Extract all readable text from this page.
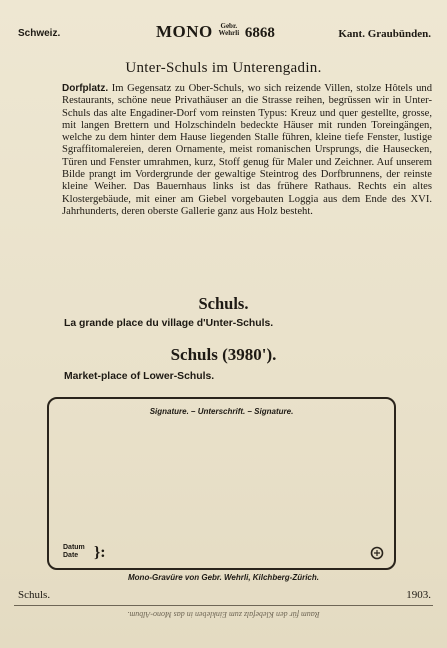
Schweiz.	MONO Gebr.
Wehrli 6868	Kant. Graubünden.
Unter-Schuls im Unterengadin.
Dorfplatz. Im Gegensatz zu Ober-Schuls, wo sich reizende Villen, stolze Hôtels und Restaurants, schöne neue Privathäuser an die Strasse reihen, begrüssen wir in Unter-Schuls das alte Engadiner-Dorf vom reinsten Typus: Kreuz und quer gestellte, grosse, mit langen Brettern und Holzschindeln bedeckte Häuser mit runden Toreingängen, welche zu dem hinter dem Hause liegenden Stalle führen, kleine tiefe Fenster, lustige Sgraffitomalereien, deren Ornamente, meist romanischen Ursprungs, die Hausecken, Türen und Fenster umrahmen, kurz, Stoff genug für Maler und Zeichner. Auf unserem Bilde prangt im Vordergrunde der gewaltige Steintrog des Dorfbrunnens, der reinste kleine Weiher. Das Bauernhaus links ist das frühere Rathaus. Rechts ein altes Klostergebäude, mit einer am Giebel vorgebauten Loggia aus dem Ende des XVI. Jahrhunderts, deren oberste Gallerie ganz aus Holz besteht.
Schuls.
La grande place du village d'Unter-Schuls.
Schuls (3980').
Market-place of Lower-Schuls.
Signature. – Unterschrift. – Signature.
Datum
Date }:
Mono-Gravüre von Gebr. Wehrli, Kilchberg-Zürich.
Schuls.	1903.
Raum für den Klebefalz zum Einkleben in das Mono-Album.
